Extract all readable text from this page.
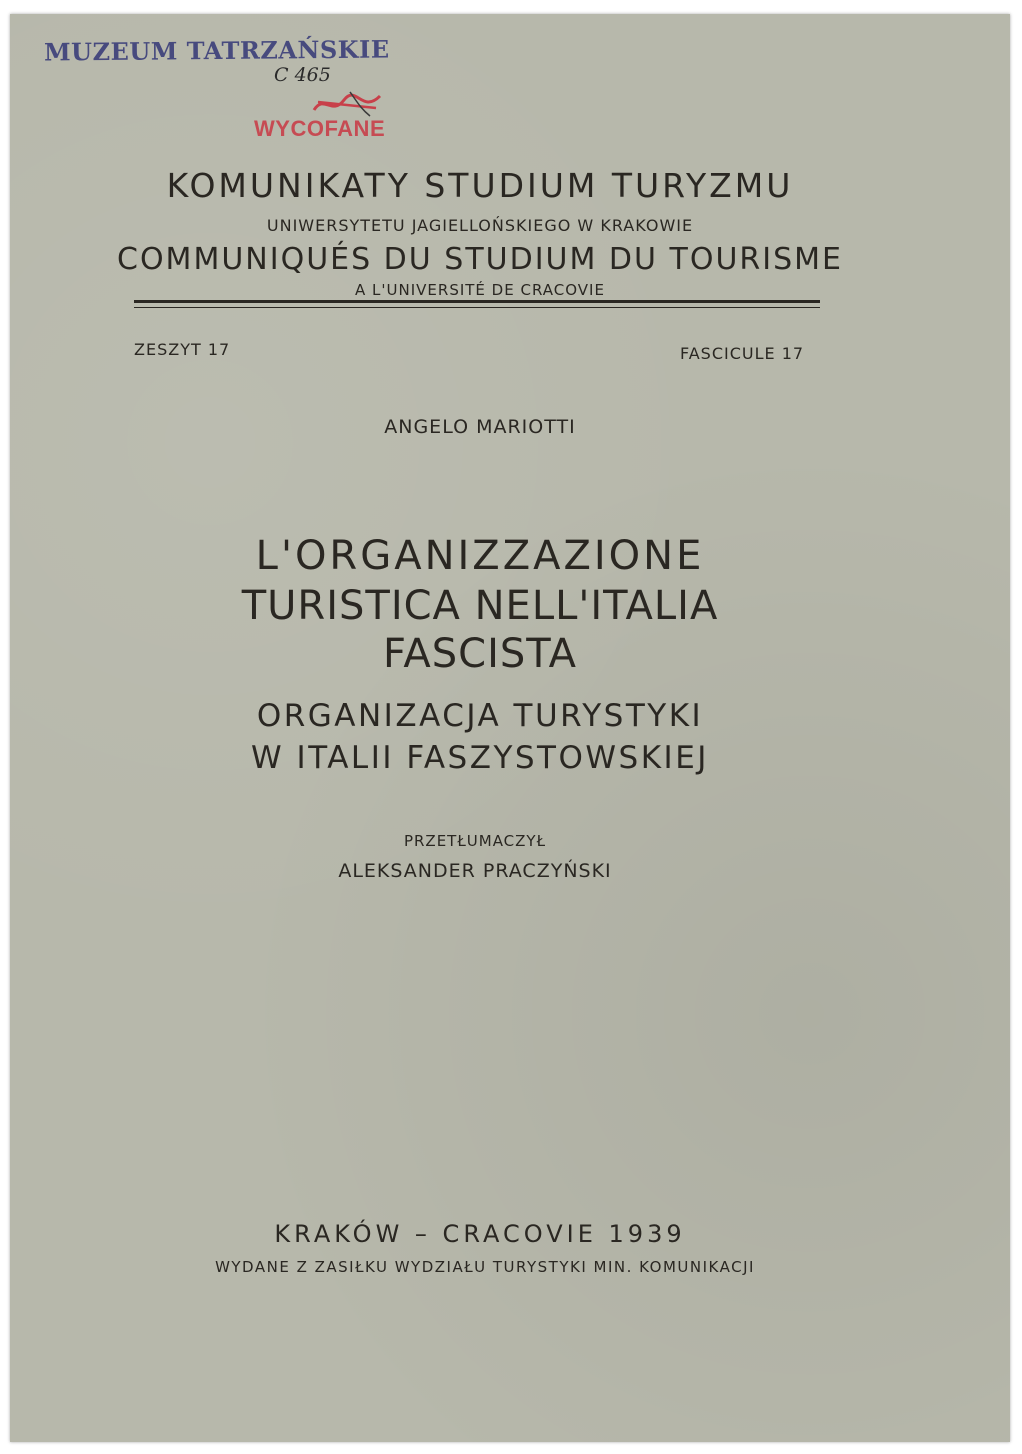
MUZEUM TATRZAŃSKIE
C 465
WYCOFANE
KOMUNIKATY STUDIUM TURYZMU
UNIWERSYTETU JAGIELLOŃSKIEGO W KRAKOWIE
COMMUNIQUÉS DU STUDIUM DU TOURISME
A L'UNIVERSITÉ DE CRACOVIE
ZESZYT 17	FASCICULE 17
ANGELO MARIOTTI
L'ORGANIZZAZIONE
TURISTICA NELL'ITALIA
FASCISTA
ORGANIZACJA TURYSTYKI
W ITALII FASZYSTOWSKIEJ
PRZETŁUMACZYŁ
ALEKSANDER PRACZYŃSKI
KRAKÓW – CRACOVIE 1939
WYDANE Z ZASIŁKU WYDZIAŁU TURYSTYKI MIN. KOMUNIKACJI
